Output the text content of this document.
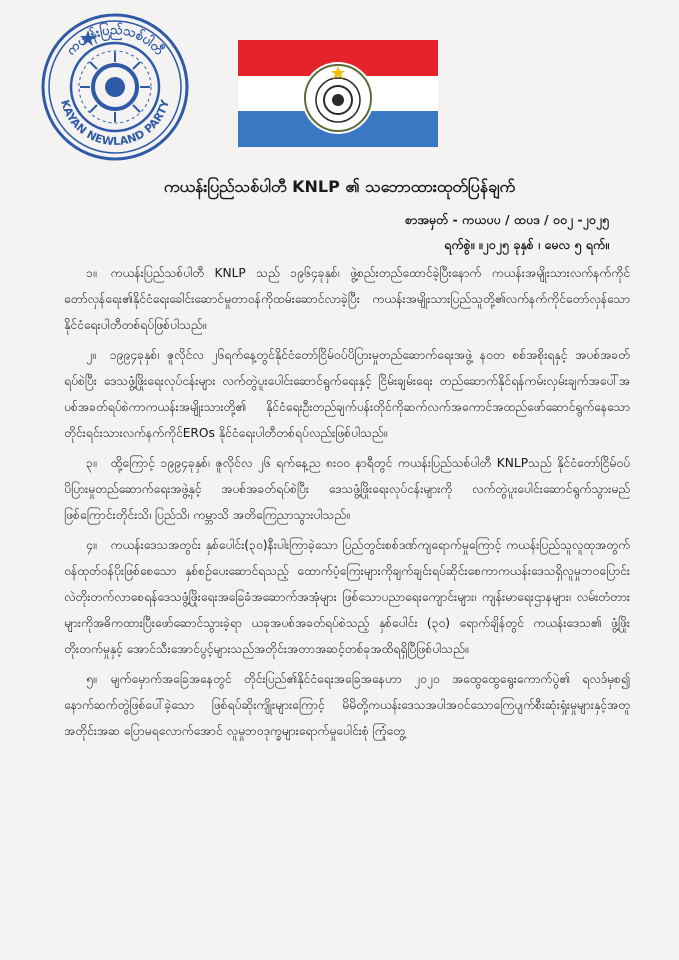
ကယန်းပြည်သစ်ပါတီ
KAYAN NEWLAND PARTY
ကယန်းပြည်သစ်ပါတီ KNLP ၏ သဘောထားထုတ်ပြန်ချက်
စာအမှတ် - ကယပပ / ထပဒ / ၀၀၂ -၂၀၂၅
ရက်စွဲ။ ။၂၀၂၅ ခုနှစ် ၊ မေလ ၅ ရက်။

၁။ ကယန်းပြည်သစ်ပါတီ KNLP သည် ၁၉၆၄ခုနှစ်၊ ဖွဲ့စည်းတည်ထောင်ခဲ့ပြီးနောက် ကယန်းအမျိုးသားလက်နက်ကိုင်တော်လှန်ရေး၏နိုင်ငံရေးခေါင်းဆောင်မှုတာဝန်ကိုထမ်းဆောင်လာခဲ့ပြီး ကယန်းအမျိုးသားပြည်သူတို့၏လက်နက်ကိုင်တော်လှန်သော နိုင်ငံရေးပါတီတစ်ရပ်ဖြစ်ပါသည်။

၂။ ၁၉၉၄ခုနှစ်၊ ဇူလိုင်လ ၂၆ရက်နေ့တွင်နိုင်ငံတော်ငြိမ်ဝပ်ပိပြားမှုတည်ဆောက်ရေးအဖွဲ့ နဝတ စစ်အစိုးရနှင့် အပစ်အခတ်ရပ်စဲပြီး ဒေသဖွံ့ဖြိုးရေးလုပ်ငန်းများ လက်တွဲပူးပေါင်းဆောင်ရွက်ရေးနှင့် ငြိမ်းချမ်းရေး တည်ဆောက်နိုင်ရန်ကမ်းလှမ်းချက်အပေါ်အပစ်အခတ်ရပ်စဲကာကယန်းအမျိုးသားတို့၏ နိုင်ငံရေးဦးတည်ချက်ပန်းတိုင်ကိုဆက်လက်အကောင်အထည်ဖော်ဆောင်ရွက်နေသော တိုင်းရင်းသားလက်နက်ကိုင်EROs နိုင်ငံရေးပါတီတစ်ရပ်လည်းဖြစ်ပါသည်။

၃။ ထို့ကြောင့် ၁၉၉၄ခုနှစ်၊ ဇူလိုင်လ ၂၆ ရက်နေ့ည ၈း၀၀ နာရီတွင် ကယန်းပြည်သစ်ပါတီ KNLPသည် နိုင်ငံတော်ငြိမ်ဝပ်ပိပြားမှုတည်ဆောက်ရေးအဖွဲ့နှင့် အပစ်အခတ်ရပ်စဲပြီး ဒေသဖွံ့ဖြိုးရေးလုပ်ငန်းများကို လက်တွဲပူးပေါင်းဆောင်ရွက်သွားမည်ဖြစ်ကြောင်းတိုင်းသိ၊ ပြည်သိ၊ ကမ္ဘာသိ အတိကြေညာသွားပါသည်။

၄။ ကယန်းဒေသအတွင်း နှစ်ပေါင်း(၃၀)နီးပါးကြာခဲ့သော ပြည်တွင်းစစ်ဒဏ်ကျရောက်မှုကြောင့် ကယန်းပြည်သူလူထုအတွက်ဝန်ထုတ်ဝန်ပိုးဖြစ်စေသော နှစ်စဉ်ပေးဆောင်ရသည့် ထောက်ပံ့ကြေးများကိုချက်ချင်းရပ်ဆိုင်းစေကာကယန်းဒေသရှိလူမှုဘဝပြောင်းလဲတိုးတက်လာစေရန်ဒေသဖွံ့ဖြိုးရေးအခြေခံအဆောက်အအုံများ ဖြစ်သောပညာရေးကျောင်းများ၊ ကျန်းမာရေးဌာနများ၊ လမ်းတံတားများကိုအဓိကထားပြီးဖော်ဆောင်သွားခဲ့ရာ ယခုအပစ်အခတ်ရပ်စဲသည့် နှစ်ပေါင်း (၃၀) ရောက်ချိန်တွင် ကယန်းဒေသ၏ ဖွံ့ဖြိုးတိုးတက်မှုနှင့် အောင်သီးအောင်ပွင့်များသည်အတိုင်းအတာအဆင့်တစ်ခုအထိရရှိပြီဖြစ်ပါသည်။

၅။ မျက်မှောက်အခြေအနေတွင် တိုင်းပြည်၏နိုင်ငံရေးအခြေအနေဟာ ၂၀၂၀ အထွေထွေရွေးကောက်ပွဲ၏ ရလဒ်မှစ၍ နောက်ဆက်တွဲဖြစ်ပေါ်ခဲ့သော ဖြစ်ရပ်ဆိုးကျိုးများကြောင့် မိမိတို့ကယန်းဒေသအပါအဝင်သောကြေပျက်စီးဆုံးရှုံးမှုများနှင့်အတူ အတိုင်းအဆ ပြောမရလောက်အောင် လူမှုဘဝဒုက္ခများရောက်မှုပေါင်းစုံ ကြုံတွေ့
